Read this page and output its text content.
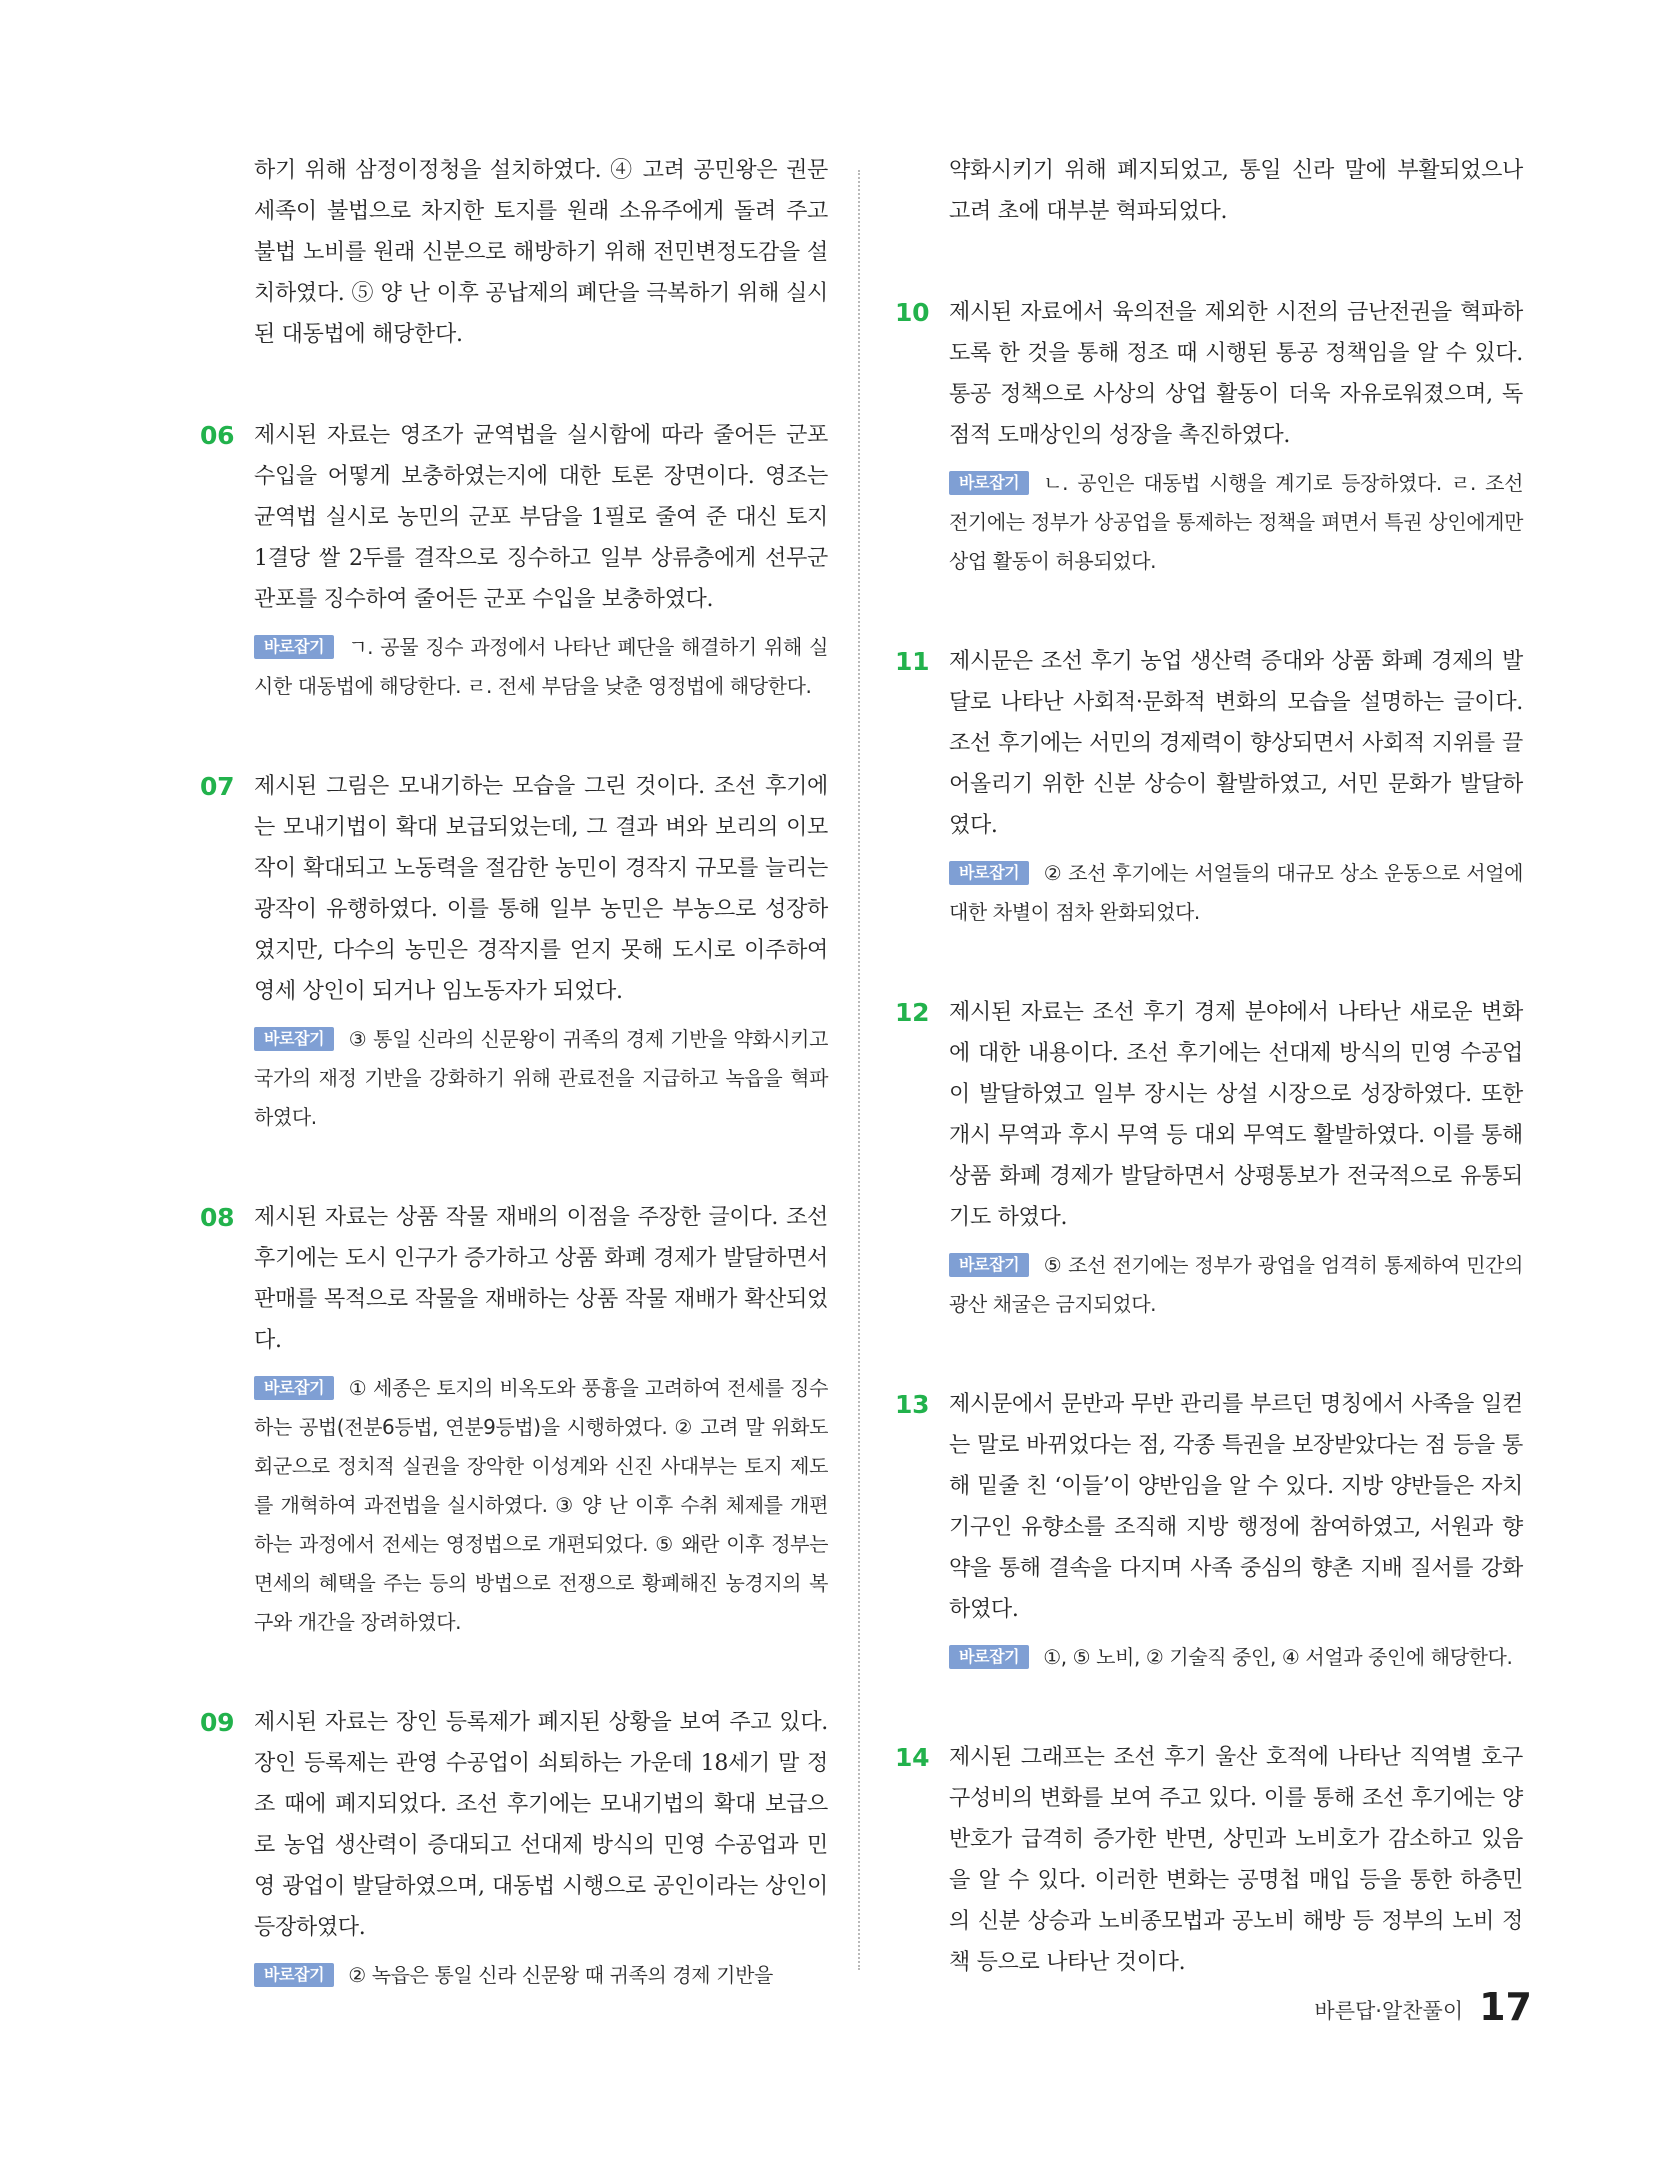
하기 위해 삼정이정청을 설치하였다. ④ 고려 공민왕은 권문세족이 불법으로 차지한 토지를 원래 소유주에게 돌려 주고 불법 노비를 원래 신분으로 해방하기 위해 전민변정도감을 설치하였다. ⑤ 양 난 이후 공납제의 폐단을 극복하기 위해 실시된 대동법에 해당한다.
06 제시된 자료는 영조가 균역법을 실시함에 따라 줄어든 군포 수입을 어떻게 보충하였는지에 대한 토론 장면이다. 영조는 균역법 실시로 농민의 군포 부담을 1필로 줄여 준 대신 토지 1결당 쌀 2두를 결작으로 징수하고 일부 상류층에게 선무군관포를 징수하여 줄어든 군포 수입을 보충하였다.
바로잡기 ㄱ. 공물 징수 과정에서 나타난 폐단을 해결하기 위해 실시한 대동법에 해당한다. ㄹ. 전세 부담을 낮춘 영정법에 해당한다.
07 제시된 그림은 모내기하는 모습을 그린 것이다. 조선 후기에는 모내기법이 확대 보급되었는데, 그 결과 벼와 보리의 이모작이 확대되고 노동력을 절감한 농민이 경작지 규모를 늘리는 광작이 유행하였다. 이를 통해 일부 농민은 부농으로 성장하였지만, 다수의 농민은 경작지를 얻지 못해 도시로 이주하여 영세 상인이 되거나 임노동자가 되었다.
바로잡기 ③ 통일 신라의 신문왕이 귀족의 경제 기반을 약화시키고 국가의 재정 기반을 강화하기 위해 관료전을 지급하고 녹읍을 혁파하였다.
08 제시된 자료는 상품 작물 재배의 이점을 주장한 글이다. 조선 후기에는 도시 인구가 증가하고 상품 화폐 경제가 발달하면서 판매를 목적으로 작물을 재배하는 상품 작물 재배가 확산되었다.
바로잡기 ① 세종은 토지의 비옥도와 풍흉을 고려하여 전세를 징수하는 공법(전분6등법, 연분9등법)을 시행하였다. ② 고려 말 위화도 회군으로 정치적 실권을 장악한 이성계와 신진 사대부는 토지 제도를 개혁하여 과전법을 실시하였다. ③ 양 난 이후 수취 체제를 개편하는 과정에서 전세는 영정법으로 개편되었다. ⑤ 왜란 이후 정부는 면세의 혜택을 주는 등의 방법으로 전쟁으로 황폐해진 농경지의 복구와 개간을 장려하였다.
09 제시된 자료는 장인 등록제가 폐지된 상황을 보여 주고 있다. 장인 등록제는 관영 수공업이 쇠퇴하는 가운데 18세기 말 정조 때에 폐지되었다. 조선 후기에는 모내기법의 확대 보급으로 농업 생산력이 증대되고 선대제 방식의 민영 수공업과 민영 광업이 발달하였으며, 대동법 시행으로 공인이라는 상인이 등장하였다.
바로잡기 ② 녹읍은 통일 신라 신문왕 때 귀족의 경제 기반을
약화시키기 위해 폐지되었고, 통일 신라 말에 부활되었으나 고려 초에 대부분 혁파되었다.
10 제시된 자료에서 육의전을 제외한 시전의 금난전권을 혁파하도록 한 것을 통해 정조 때 시행된 통공 정책임을 알 수 있다. 통공 정책으로 사상의 상업 활동이 더욱 자유로워졌으며, 독점적 도매상인의 성장을 촉진하였다.
바로잡기 ㄴ. 공인은 대동법 시행을 계기로 등장하였다. ㄹ. 조선 전기에는 정부가 상공업을 통제하는 정책을 펴면서 특권 상인에게만 상업 활동이 허용되었다.
11 제시문은 조선 후기 농업 생산력 증대와 상품 화폐 경제의 발달로 나타난 사회적·문화적 변화의 모습을 설명하는 글이다. 조선 후기에는 서민의 경제력이 향상되면서 사회적 지위를 끌어올리기 위한 신분 상승이 활발하였고, 서민 문화가 발달하였다.
바로잡기 ② 조선 후기에는 서얼들의 대규모 상소 운동으로 서얼에 대한 차별이 점차 완화되었다.
12 제시된 자료는 조선 후기 경제 분야에서 나타난 새로운 변화에 대한 내용이다. 조선 후기에는 선대제 방식의 민영 수공업이 발달하였고 일부 장시는 상설 시장으로 성장하였다. 또한 개시 무역과 후시 무역 등 대외 무역도 활발하였다. 이를 통해 상품 화폐 경제가 발달하면서 상평통보가 전국적으로 유통되기도 하였다.
바로잡기 ⑤ 조선 전기에는 정부가 광업을 엄격히 통제하여 민간의 광산 채굴은 금지되었다.
13 제시문에서 문반과 무반 관리를 부르던 명칭에서 사족을 일컫는 말로 바뀌었다는 점, 각종 특권을 보장받았다는 점 등을 통해 밑줄 친 ‘이들’이 양반임을 알 수 있다. 지방 양반들은 자치 기구인 유향소를 조직해 지방 행정에 참여하였고, 서원과 향약을 통해 결속을 다지며 사족 중심의 향촌 지배 질서를 강화하였다.
바로잡기 ①, ⑤ 노비, ② 기술직 중인, ④ 서얼과 중인에 해당한다.
14 제시된 그래프는 조선 후기 울산 호적에 나타난 직역별 호구 구성비의 변화를 보여 주고 있다. 이를 통해 조선 후기에는 양반호가 급격히 증가한 반면, 상민과 노비호가 감소하고 있음을 알 수 있다. 이러한 변화는 공명첩 매입 등을 통한 하층민의 신분 상승과 노비종모법과 공노비 해방 등 정부의 노비 정책 등으로 나타난 것이다.
바른답·알찬풀이 17
